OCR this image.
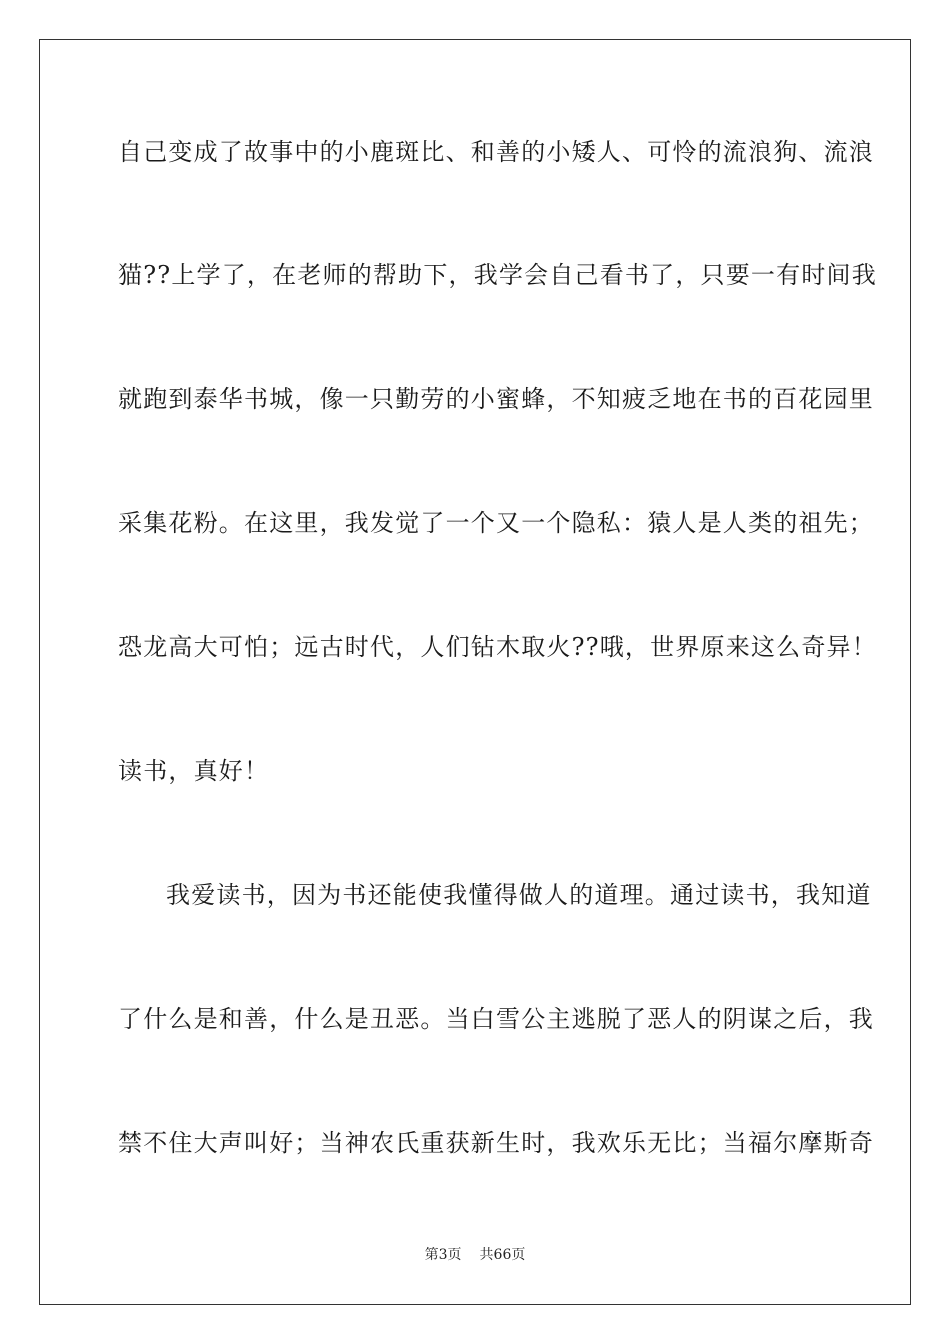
自己变成了故事中的小鹿斑比、和善的小矮人、可怜的流浪狗、流浪
猫??上学了，在老师的帮助下，我学会自己看书了，只要一有时间我
就跑到泰华书城，像一只勤劳的小蜜蜂，不知疲乏地在书的百花园里
采集花粉。在这里，我发觉了一个又一个隐私：猿人是人类的祖先；
恐龙高大可怕；远古时代，人们钻木取火??哦，世界原来这么奇异！
读书，真好！
我爱读书，因为书还能使我懂得做人的道理。通过读书，我知道
了什么是和善，什么是丑恶。当白雪公主逃脱了恶人的阴谋之后，我
禁不住大声叫好；当神农氏重获新生时，我欢乐无比；当福尔摩斯奇
第3页 共66页
